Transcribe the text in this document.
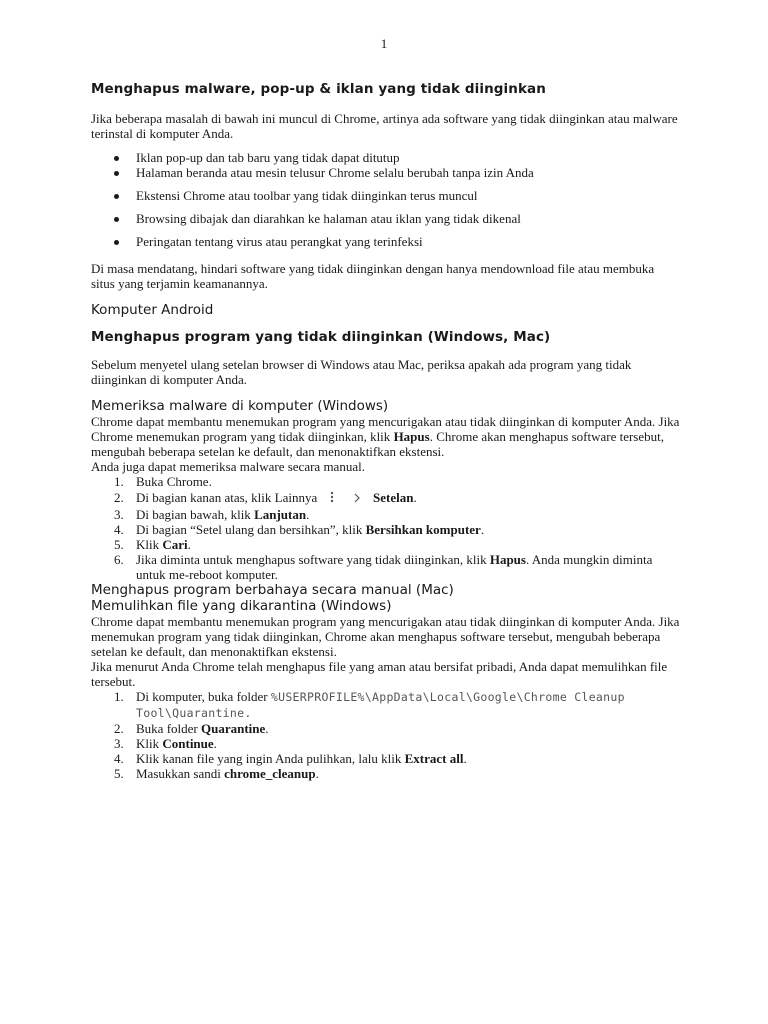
1
Menghapus malware, pop-up & iklan yang tidak diinginkan

Jika beberapa masalah di bawah ini muncul di Chrome, artinya ada software yang tidak diinginkan atau malware terinstal di komputer Anda.

Iklan pop-up dan tab baru yang tidak dapat ditutup
Halaman beranda atau mesin telusur Chrome selalu berubah tanpa izin Anda
Ekstensi Chrome atau toolbar yang tidak diinginkan terus muncul
Browsing dibajak dan diarahkan ke halaman atau iklan yang tidak dikenal
Peringatan tentang virus atau perangkat yang terinfeksi

Di masa mendatang, hindari software yang tidak diinginkan dengan hanya mendownload file atau membuka situs yang terjamin keamanannya.

Komputer Android
Menghapus program yang tidak diinginkan (Windows, Mac)

Sebelum menyetel ulang setelan browser di Windows atau Mac, periksa apakah ada program yang tidak diinginkan di komputer Anda.

Memeriksa malware di komputer (Windows)

Chrome dapat membantu menemukan program yang mencurigakan atau tidak diinginkan di komputer Anda. Jika Chrome menemukan program yang tidak diinginkan, klik Hapus. Chrome akan menghapus software tersebut, mengubah beberapa setelan ke default, dan menonaktifkan ekstensi.

Anda juga dapat memeriksa malware secara manual.

1. Buka Chrome.
2. Di bagian kanan atas, klik Lainnya	Setelan.
3. Di bagian bawah, klik Lanjutan.
4. Di bagian “Setel ulang dan bersihkan”, klik Bersihkan komputer.
5. Klik Cari.
6. Jika diminta untuk menghapus software yang tidak diinginkan, klik Hapus. Anda mungkin diminta untuk me-reboot komputer.
Menghapus program berbahaya secara manual (Mac)
Memulihkan file yang dikarantina (Windows)

Chrome dapat membantu menemukan program yang mencurigakan atau tidak diinginkan di komputer Anda. Jika menemukan program yang tidak diinginkan, Chrome akan menghapus software tersebut, mengubah beberapa setelan ke default, dan menonaktifkan ekstensi.

Jika menurut Anda Chrome telah menghapus file yang aman atau bersifat pribadi, Anda dapat memulihkan file tersebut.

1. Di komputer, buka folder %USERPROFILE%\AppData\Local\Google\Chrome Cleanup Tool\Quarantine.
2. Buka folder Quarantine.
3. Klik Continue.
4. Klik kanan file yang ingin Anda pulihkan, lalu klik Extract all.
5. Masukkan sandi chrome_cleanup.
